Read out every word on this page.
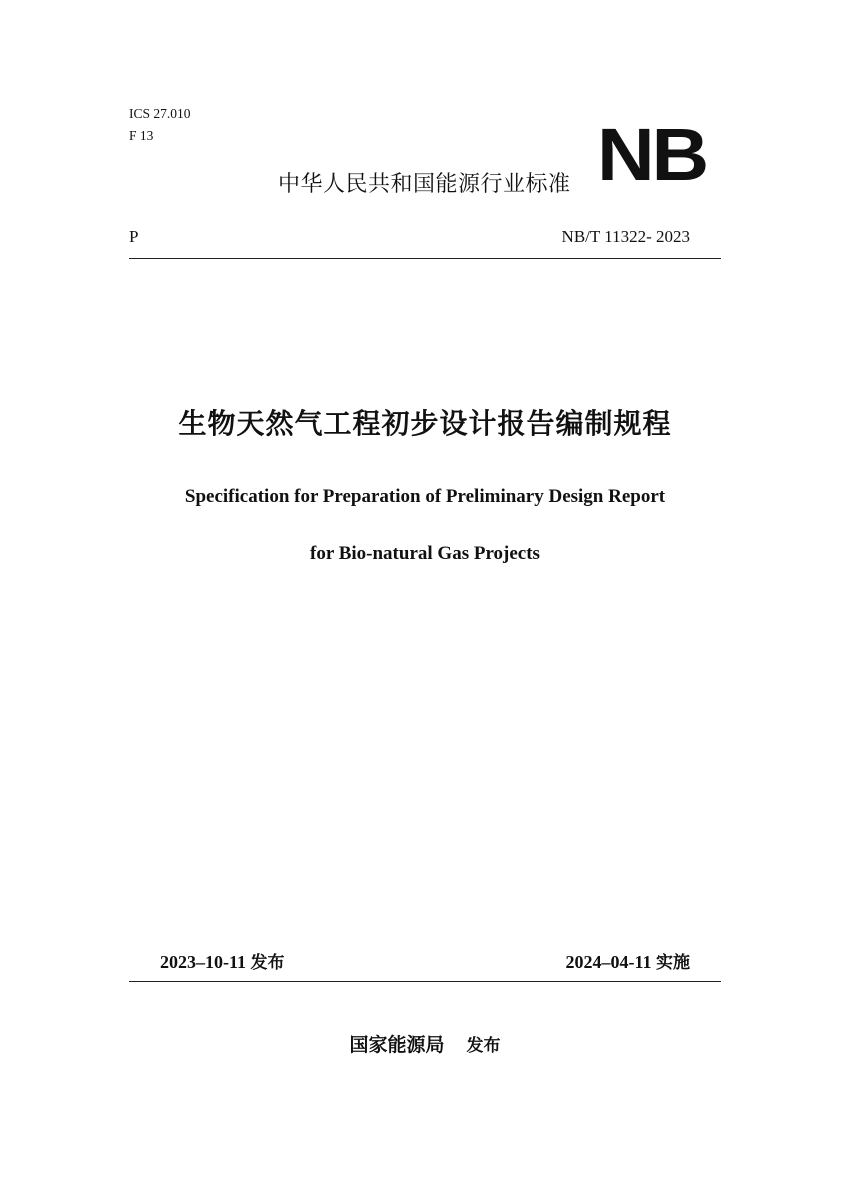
ICS 27.010
F 13
中华人民共和国能源行业标准 NB
P	NB/T 11322- 2023
生物天然气工程初步设计报告编制规程
Specification for Preparation of Preliminary Design Report
for Bio-natural Gas Projects
2023–10-11 发布	2024–04-11 实施
国家能源局 发布
